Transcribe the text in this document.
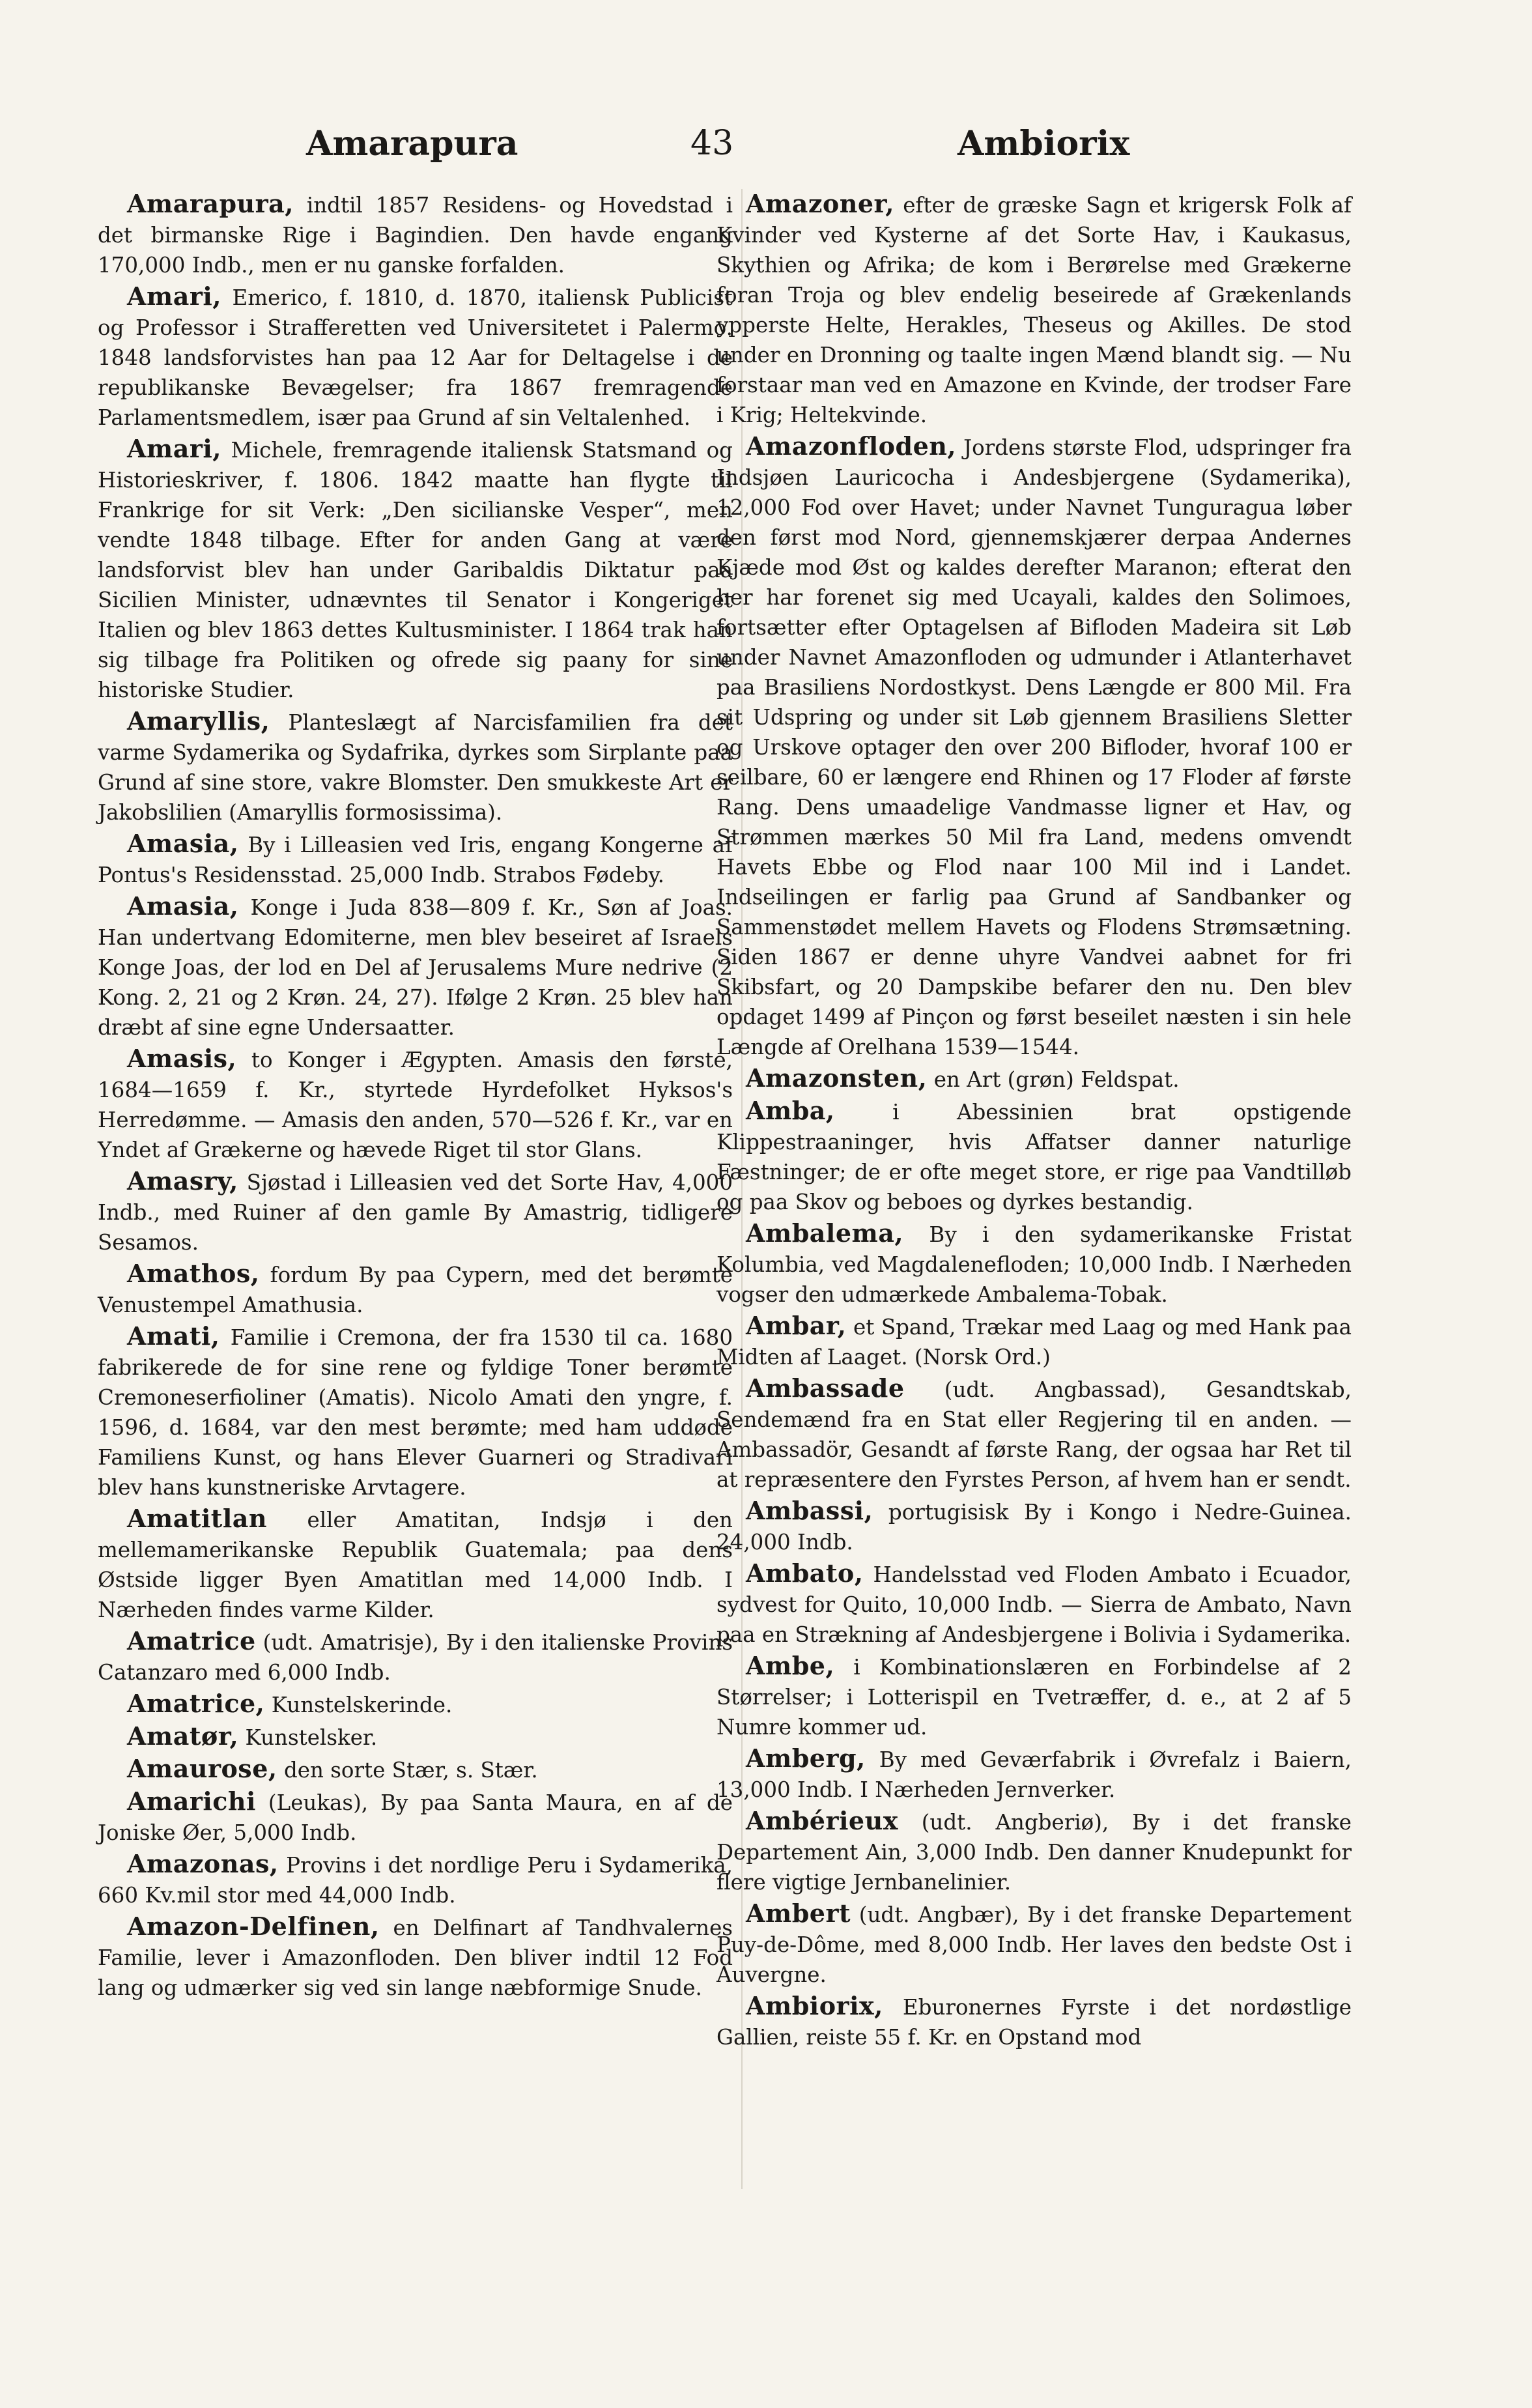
Amarapura	43	Ambiorix

Amarapura, indtil 1857 Residens- og Hovedstad i det birmanske Rige i Bagindien. Den havde engang 170,000 Indb., men er nu ganske forfalden.

Amari, Emerico, f. 1810, d. 1870, italiensk Publicist og Professor i Strafferetten ved Universitetet i Palermo. 1848 landsforvistes han paa 12 Aar for Deltagelse i de republikanske Bevægelser; fra 1867 fremragende Parlamentsmedlem, især paa Grund af sin Veltalenhed.

Amari, Michele, fremragende italiensk Statsmand og Historieskriver, f. 1806. 1842 maatte han flygte til Frankrige for sit Verk: „Den sicilianske Vesper“, men vendte 1848 tilbage. Efter for anden Gang at være landsforvist blev han under Garibaldis Diktatur paa Sicilien Minister, udnævntes til Senator i Kongeriget Italien og blev 1863 dettes Kultusminister. I 1864 trak han sig tilbage fra Politiken og ofrede sig paany for sine historiske Studier.

Amaryllis, Planteslægt af Narcisfamilien fra det varme Sydamerika og Sydafrika, dyrkes som Sirplante paa Grund af sine store, vakre Blomster. Den smukkeste Art er Jakobslilien (Amaryllis formosissima).

Amasia, By i Lilleasien ved Iris, engang Kongerne af Pontus's Residensstad. 25,000 Indb. Strabos Fødeby.

Amasia, Konge i Juda 838—809 f. Kr., Søn af Joas. Han undertvang Edomiterne, men blev beseiret af Israels Konge Joas, der lod en Del af Jerusalems Mure nedrive (2 Kong. 2, 21 og 2 Krøn. 24, 27). Ifølge 2 Krøn. 25 blev han dræbt af sine egne Undersaatter.

Amasis, to Konger i Ægypten. Amasis den første, 1684—1659 f. Kr., styrtede Hyrdefolket Hyksos's Herredømme. — Amasis den anden, 570—526 f. Kr., var en Yndet af Grækerne og hævede Riget til stor Glans.

Amasry, Sjøstad i Lilleasien ved det Sorte Hav, 4,000 Indb., med Ruiner af den gamle By Amastrig, tidligere Sesamos.

Amathos, fordum By paa Cypern, med det berømte Venustempel Amathusia.

Amati, Familie i Cremona, der fra 1530 til ca. 1680 fabrikerede de for sine rene og fyldige Toner berømte Cremoneserfioliner (Amatis). Nicolo Amati den yngre, f. 1596, d. 1684, var den mest berømte; med ham uddøde Familiens Kunst, og hans Elever Guarneri og Stradivari blev hans kunstneriske Arvtagere.

Amatitlan eller Amatitan, Indsjø i den mellemamerikanske Republik Guatemala; paa dens Østside ligger Byen Amatitlan med 14,000 Indb. I Nærheden findes varme Kilder.

Amatrice (udt. Amatrisje), By i den italienske Provins Catanzaro med 6,000 Indb.

Amatrice, Kunstelskerinde.

Amatør, Kunstelsker.

Amaurose, den sorte Stær, s. Stær.

Amarichi (Leukas), By paa Santa Maura, en af de Joniske Øer, 5,000 Indb.

Amazonas, Provins i det nordlige Peru i Sydamerika, 660 Kv.mil stor med 44,000 Indb.

Amazon-Delfinen, en Delfinart af Tandhvalernes Familie, lever i Amazonfloden. Den bliver indtil 12 Fod lang og udmærker sig ved sin lange næbformige Snude.

Amazoner, efter de græske Sagn et krigersk Folk af Kvinder ved Kysterne af det Sorte Hav, i Kaukasus, Skythien og Afrika; de kom i Berørelse med Grækerne foran Troja og blev endelig beseirede af Grækenlands ypperste Helte, Herakles, Theseus og Akilles. De stod under en Dronning og taalte ingen Mænd blandt sig. — Nu forstaar man ved en Amazone en Kvinde, der trodser Fare i Krig; Heltekvinde.

Amazonfloden, Jordens største Flod, udspringer fra Indsjøen Lauricocha i Andesbjergene (Sydamerika), 12,000 Fod over Havet; under Navnet Tunguragua løber den først mod Nord, gjennemskjærer derpaa Andernes Kjæde mod Øst og kaldes derefter Maranon; efterat den her har forenet sig med Ucayali, kaldes den Solimoes, fortsætter efter Optagelsen af Bifloden Madeira sit Løb under Navnet Amazonfloden og udmunder i Atlanterhavet paa Brasiliens Nordostkyst. Dens Længde er 800 Mil. Fra sit Udspring og under sit Løb gjennem Brasiliens Sletter og Urskove optager den over 200 Bifloder, hvoraf 100 er seilbare, 60 er længere end Rhinen og 17 Floder af første Rang. Dens umaadelige Vandmasse ligner et Hav, og Strømmen mærkes 50 Mil fra Land, medens omvendt Havets Ebbe og Flod naar 100 Mil ind i Landet. Indseilingen er farlig paa Grund af Sandbanker og Sammenstødet mellem Havets og Flodens Strømsætning. Siden 1867 er denne uhyre Vandvei aabnet for fri Skibsfart, og 20 Dampskibe befarer den nu. Den blev opdaget 1499 af Pinçon og først beseilet næsten i sin hele Længde af Orelhana 1539—1544.

Amazonsten, en Art (grøn) Feldspat.

Amba, i Abessinien brat opstigende Klippestraaninger, hvis Affatser danner naturlige Fæstninger; de er ofte meget store, er rige paa Vandtilløb og paa Skov og beboes og dyrkes bestandig.

Ambalema, By i den sydamerikanske Fristat Kolumbia, ved Magdalenefloden; 10,000 Indb. I Nærheden vogser den udmærkede Ambalema-Tobak.

Ambar, et Spand, Trækar med Laag og med Hank paa Midten af Laaget. (Norsk Ord.)

Ambassade (udt. Angbassad), Gesandtskab, Sendemænd fra en Stat eller Regjering til en anden. — Ambassadör, Gesandt af første Rang, der ogsaa har Ret til at repræsentere den Fyrstes Person, af hvem han er sendt.

Ambassi, portugisisk By i Kongo i Nedre-Guinea. 24,000 Indb.

Ambato, Handelsstad ved Floden Ambato i Ecuador, sydvest for Quito, 10,000 Indb. — Sierra de Ambato, Navn paa en Strækning af Andesbjergene i Bolivia i Sydamerika.

Ambe, i Kombinationslæren en Forbindelse af 2 Størrelser; i Lotterispil en Tvetræffer, d. e., at 2 af 5 Numre kommer ud.

Amberg, By med Geværfabrik i Øvrefalz i Baiern, 13,000 Indb. I Nærheden Jernverker.

Ambérieux (udt. Angberiø), By i det franske Departement Ain, 3,000 Indb. Den danner Knudepunkt for flere vigtige Jernbanelinier.

Ambert (udt. Angbær), By i det franske Departement Puy-de-Dôme, med 8,000 Indb. Her laves den bedste Ost i Auvergne.

Ambiorix, Eburonernes Fyrste i det nordøstlige Gallien, reiste 55 f. Kr. en Opstand mod
